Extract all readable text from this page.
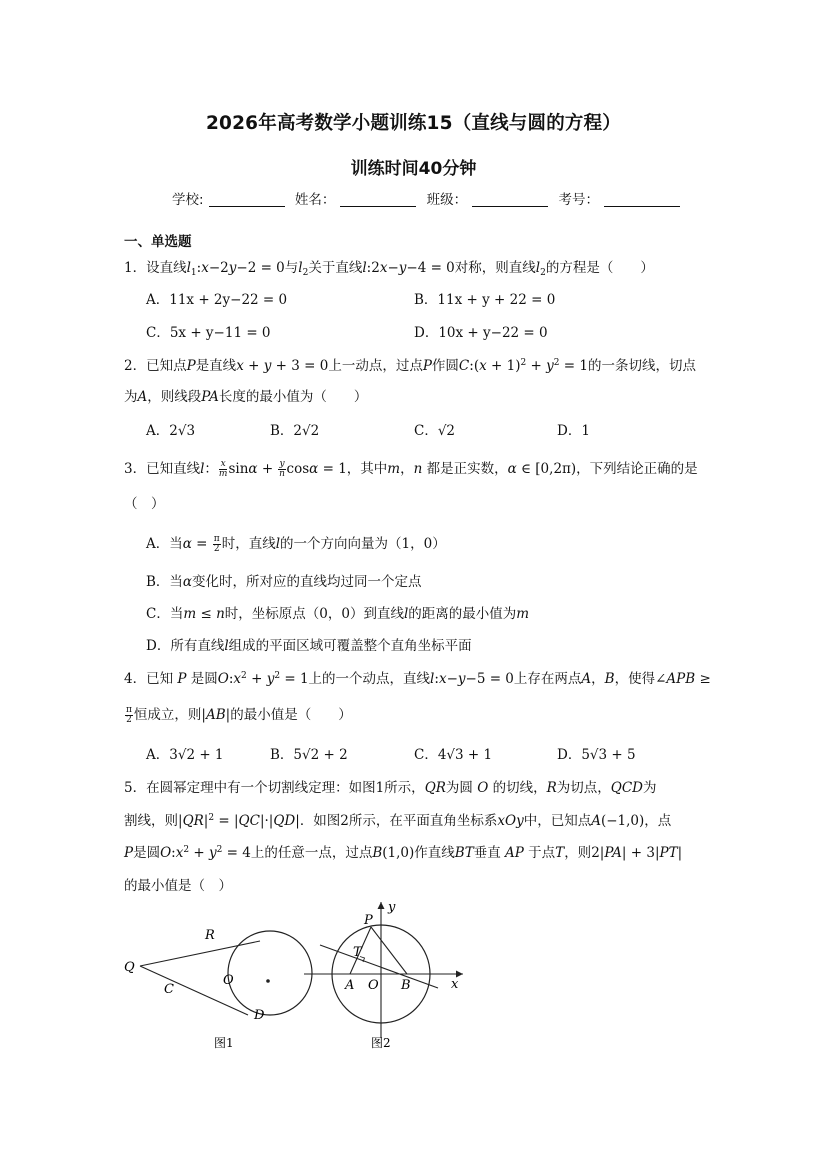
2026年高考数学小题训练15（直线与圆的方程）
训练时间40分钟
学校:	姓名：	班级：	考号：
一、单选题
1．设直线$l_1:x-2y-2 = 0$与$l_2$关于直线l:2x−y−4 = 0对称，则直线$l_2$的方程是（　　）
A．11x + 2y−22 = 0	B．11x + y + 22 = 0
C．5x + y−11 = 0	D．10x + y−22 = 0
2．已知点P是直线x + y + 3 = 0上一动点，过点P作圆C:(x + $1)^2 + y^2 = 1$的一条切线，切点
为A，则线段PA长度的最小值为（　　）
A．2√3	B．2√2	C．√2	D．1
3．已知直线l： $\frac{x}{m}$ $\sin\alpha + \frac{y}{n}$ cosα = 1，其中m，n 都是正实数，α ∈ [0,2π)，下列结论正确的是
（　）
A．当$\alpha = \frac{\pi}{2}$ 时，直线l的一个方向向量为（1，0）
B．当α变化时，所对应的直线均过同一个定点
C．当m ≤ n时，坐标原点（0，0）到直线l的距离的最小值为m
D．所有直线l组成的平面区域可覆盖整个直角坐标平面
4．已知 P 是圆$O:x^2 + y^2 = 1$上的一个动点，直线l:x−y−5 = 0上存在两点A，B，使得∠APB ≥
$\frac{\pi}{2}$ 恒成立，则|AB|的最小值是（　　）
A．3√2 + 1	B．5√2 + 2	C．4√3 + 1	D．5√3 + 5
5．在圆幂定理中有一个切割线定理：如图1所示，QR为圆 O 的切线，R为切点，QCD为
割线，则$|QR|^2 = |QC|\cdot|QD|$．如图2所示，在平面直角坐标系xOy中，已知点A(−1,0)，点
P是圆$O:x^2 + y^2 = 4$上的任意一点，过点B(1,0)作直线BT垂直 AP 于点T，则2|PA| + 3|PT|
的最小值是（　）
Q
R
C
O
D
图1
y
P
T
A O B	x
图2
